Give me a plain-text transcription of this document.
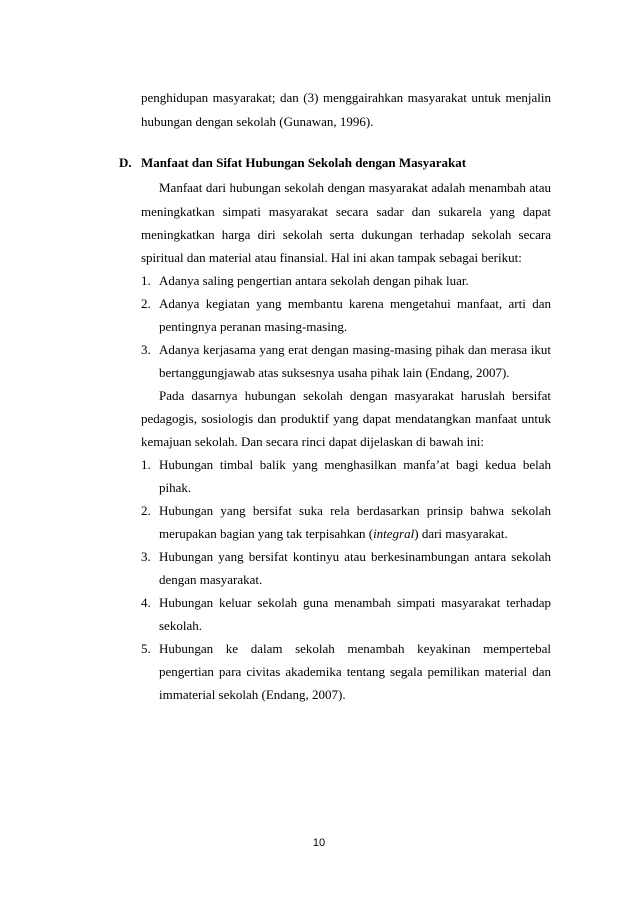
penghidupan masyarakat; dan (3) menggairahkan masyarakat untuk menjalin
hubungan dengan sekolah (Gunawan, 1996).
D. Manfaat dan Sifat Hubungan Sekolah dengan Masyarakat
Manfaat dari hubungan sekolah dengan masyarakat adalah menambah atau
meningkatkan simpati masyarakat secara sadar dan sukarela yang dapat
meningkatkan harga diri sekolah serta dukungan terhadap sekolah secara
spiritual dan material atau finansial. Hal ini akan tampak sebagai berikut:
1. Adanya saling pengertian antara sekolah dengan pihak luar.
2. Adanya kegiatan yang membantu karena mengetahui manfaat, arti dan
pentingnya peranan masing-masing.
3. Adanya kerjasama yang erat dengan masing-masing pihak dan merasa ikut
bertanggungjawab atas suksesnya usaha pihak lain (Endang, 2007).
Pada dasarnya hubungan sekolah dengan masyarakat haruslah bersifat
pedagogis, sosiologis dan produktif yang dapat mendatangkan manfaat untuk
kemajuan sekolah. Dan secara rinci dapat dijelaskan di bawah ini:
1. Hubungan timbal balik yang menghasilkan manfa’at bagi kedua belah
pihak.
2. Hubungan yang bersifat suka rela berdasarkan prinsip bahwa sekolah
merupakan bagian yang tak terpisahkan (integral) dari masyarakat.
3. Hubungan yang bersifat kontinyu atau berkesinambungan antara sekolah
dengan masyarakat.
4. Hubungan keluar sekolah guna menambah simpati masyarakat terhadap
sekolah.
5. Hubungan ke dalam sekolah menambah keyakinan mempertebal
pengertian para civitas akademika tentang segala pemilikan material dan
immaterial sekolah (Endang, 2007).
10
